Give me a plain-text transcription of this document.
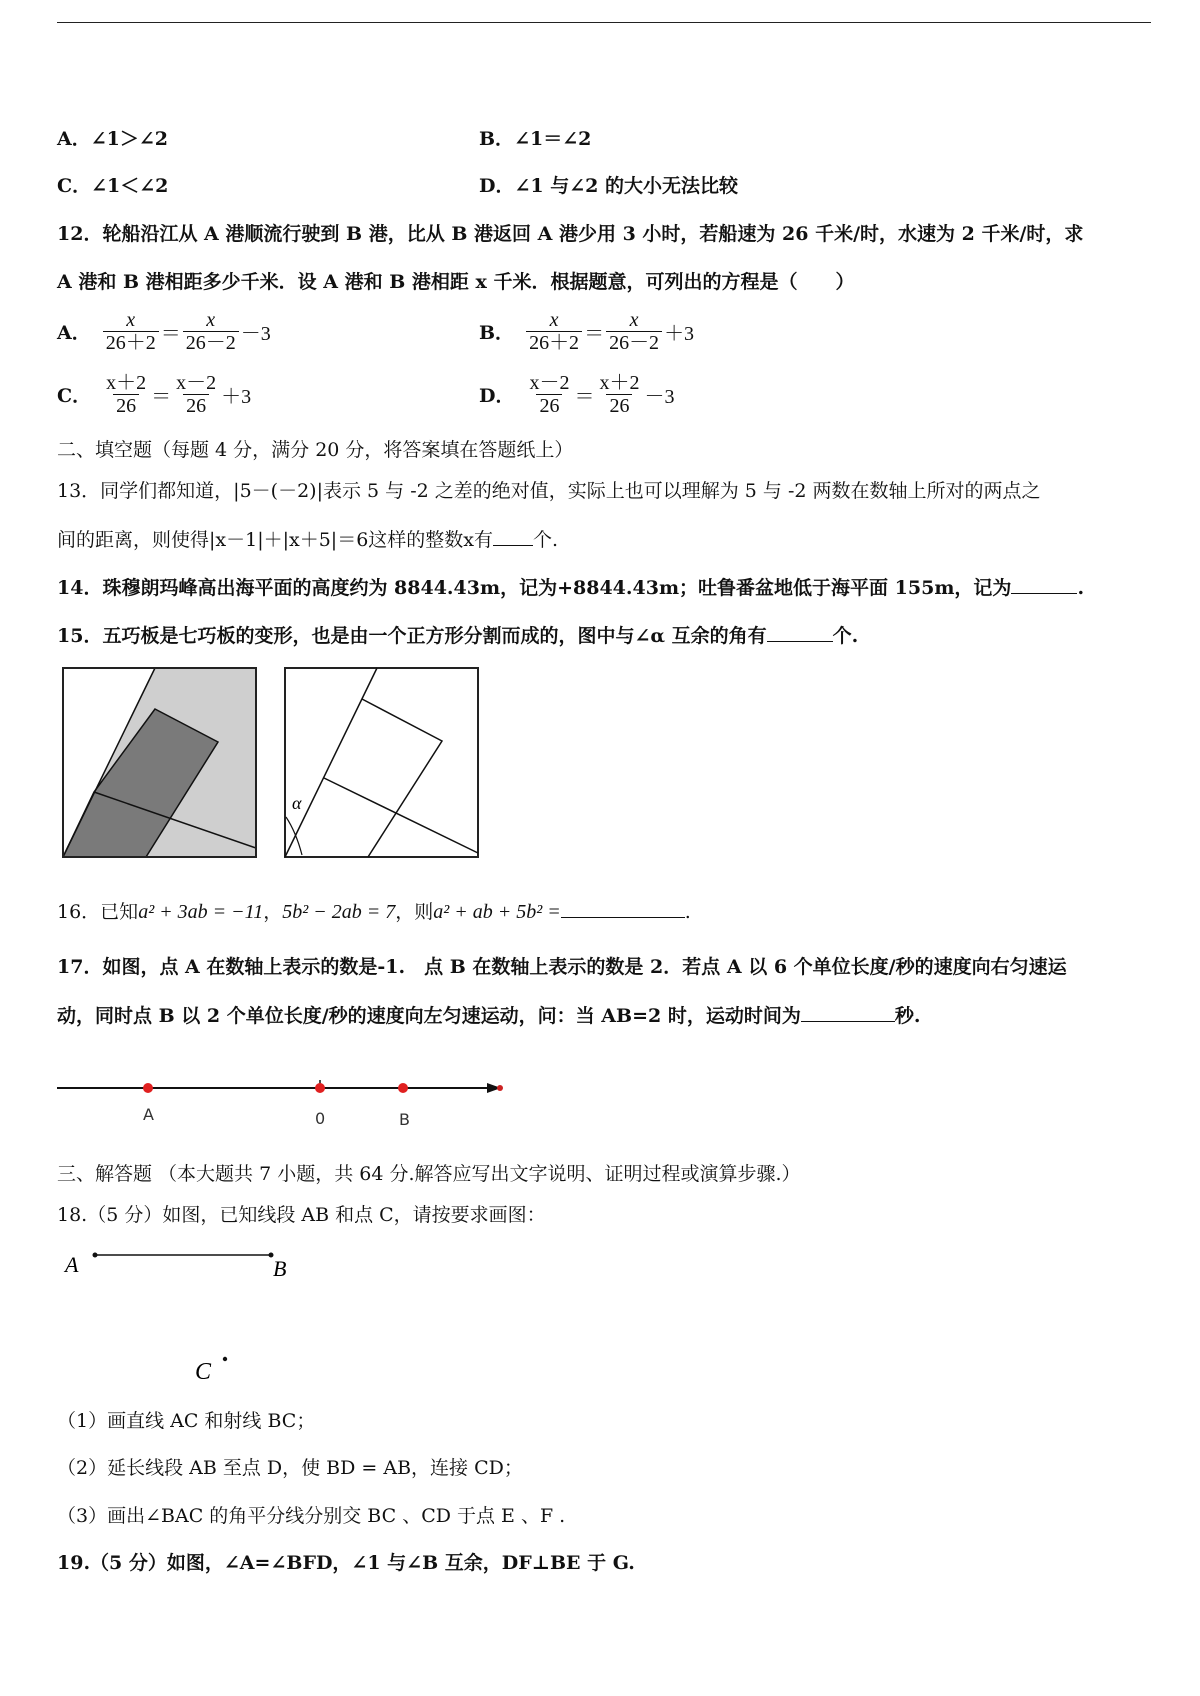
A．∠1＞∠2	B．∠1＝∠2
C．∠1＜∠2	D．∠1 与∠2 的大小无法比较
12．轮船沿江从 A 港顺流行驶到 B 港，比从 B 港返回 A 港少用 3 小时，若船速为 26 千米/时，水速为 2 千米/时，求
A 港和 B 港相距多少千米．设 A 港和 B 港相距 x 千米．根据题意，可列出的方程是（　　）
A． $\frac{x}{26+2} = \frac{x}{26-2} -3$	B． $\frac{x}{26+2} = \frac{x}{26-2} +3$
C． $\frac{x+2}{26} = \frac{x-2}{26} +3$	D． $\frac{x-2}{26} = \frac{x+2}{26} -3$
二、填空题（每题 4 分，满分 20 分，将答案填在答题纸上）
13．同学们都知道，|5－(－2)|表示 5 与 -2 之差的绝对值，实际上也可以理解为 5 与 -2 两数在数轴上所对的两点之
间的距离，则使得|x－1|＋|x＋5|＝6这样的整数x有 个.
14．珠穆朗玛峰高出海平面的高度约为 8844.43m，记为+8844.43m；吐鲁番盆地低于海平面 155m，记为	.
15．五巧板是七巧板的变形，也是由一个正方形分割而成的，图中与∠α 互余的角有	个.
α
16．已知a² + 3ab = −11，5b² − 2ab = 7，则a² + ab + 5b² =	.
17．如图，点 A 在数轴上表示的数是-1.　点 B 在数轴上表示的数是 2．若点 A 以 6 个单位长度/秒的速度向右匀速运
动，同时点 B 以 2 个单位长度/秒的速度向左匀速运动，问：当 AB=2 时，运动时间为	秒.
A	0	B
三、解答题 （本大题共 7 小题，共 64 分.解答应写出文字说明、证明过程或演算步骤.）
18.（5 分）如图，已知线段 AB 和点 C，请按要求画图：
A	B
C
（1）画直线 AC 和射线 BC；
（2）延长线段 AB 至点 D，使 BD = AB，连接 CD；
（3）画出∠BAC 的角平分线分别交 BC 、CD 于点 E 、F .
19.（5 分）如图，∠A=∠BFD，∠1 与∠B 互余，DF⊥BE 于 G.
